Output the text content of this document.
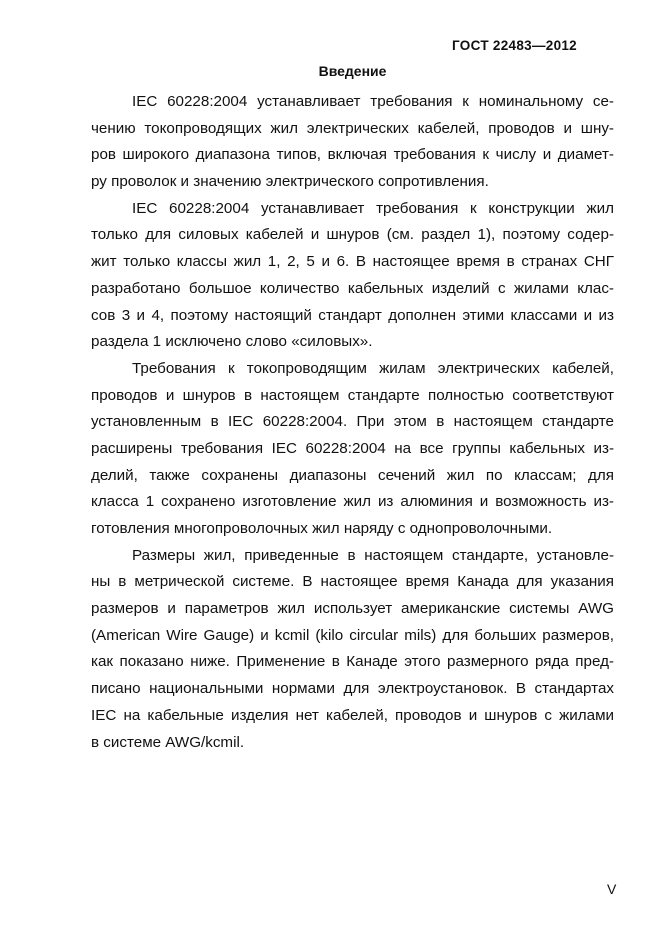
ГОСТ 22483—2012
Введение
IEC 60228:2004 устанавливает требования к номинальному се-
чению токопроводящих жил электрических кабелей, проводов и шну-
ров широкого диапазона типов, включая требования к числу и диамет-
ру проволок и значению электрического сопротивления.
IEC 60228:2004 устанавливает требования к конструкции жил
только для силовых кабелей и шнуров (см. раздел 1), поэтому содер-
жит только классы жил 1, 2, 5 и 6. В настоящее время в странах СНГ
разработано большое количество кабельных изделий с жилами клас-
сов 3 и 4, поэтому настоящий стандарт дополнен этими классами и из
раздела 1 исключено слово «силовых».
Требования к токопроводящим жилам электрических кабелей,
проводов и шнуров в настоящем стандарте полностью соответствуют
установленным в IEC 60228:2004. При этом в настоящем стандарте
расширены требования IEC 60228:2004 на все группы кабельных из-
делий, также сохранены диапазоны сечений жил по классам; для
класса 1 сохранено изготовление жил из алюминия и возможность из-
готовления многопроволочных жил наряду с однопроволочными.
Размеры жил, приведенные в настоящем стандарте, установле-
ны в метрической системе. В настоящее время Канада для указания
размеров и параметров жил использует американские системы AWG
(American Wire Gauge) и kcmil (kilo circular mils) для больших размеров,
как показано ниже. Применение в Канаде этого размерного ряда пред-
писано национальными нормами для электроустановок. В стандартах
IEC на кабельные изделия нет кабелей, проводов и шнуров с жилами
в системе AWG/kcmil.
V
